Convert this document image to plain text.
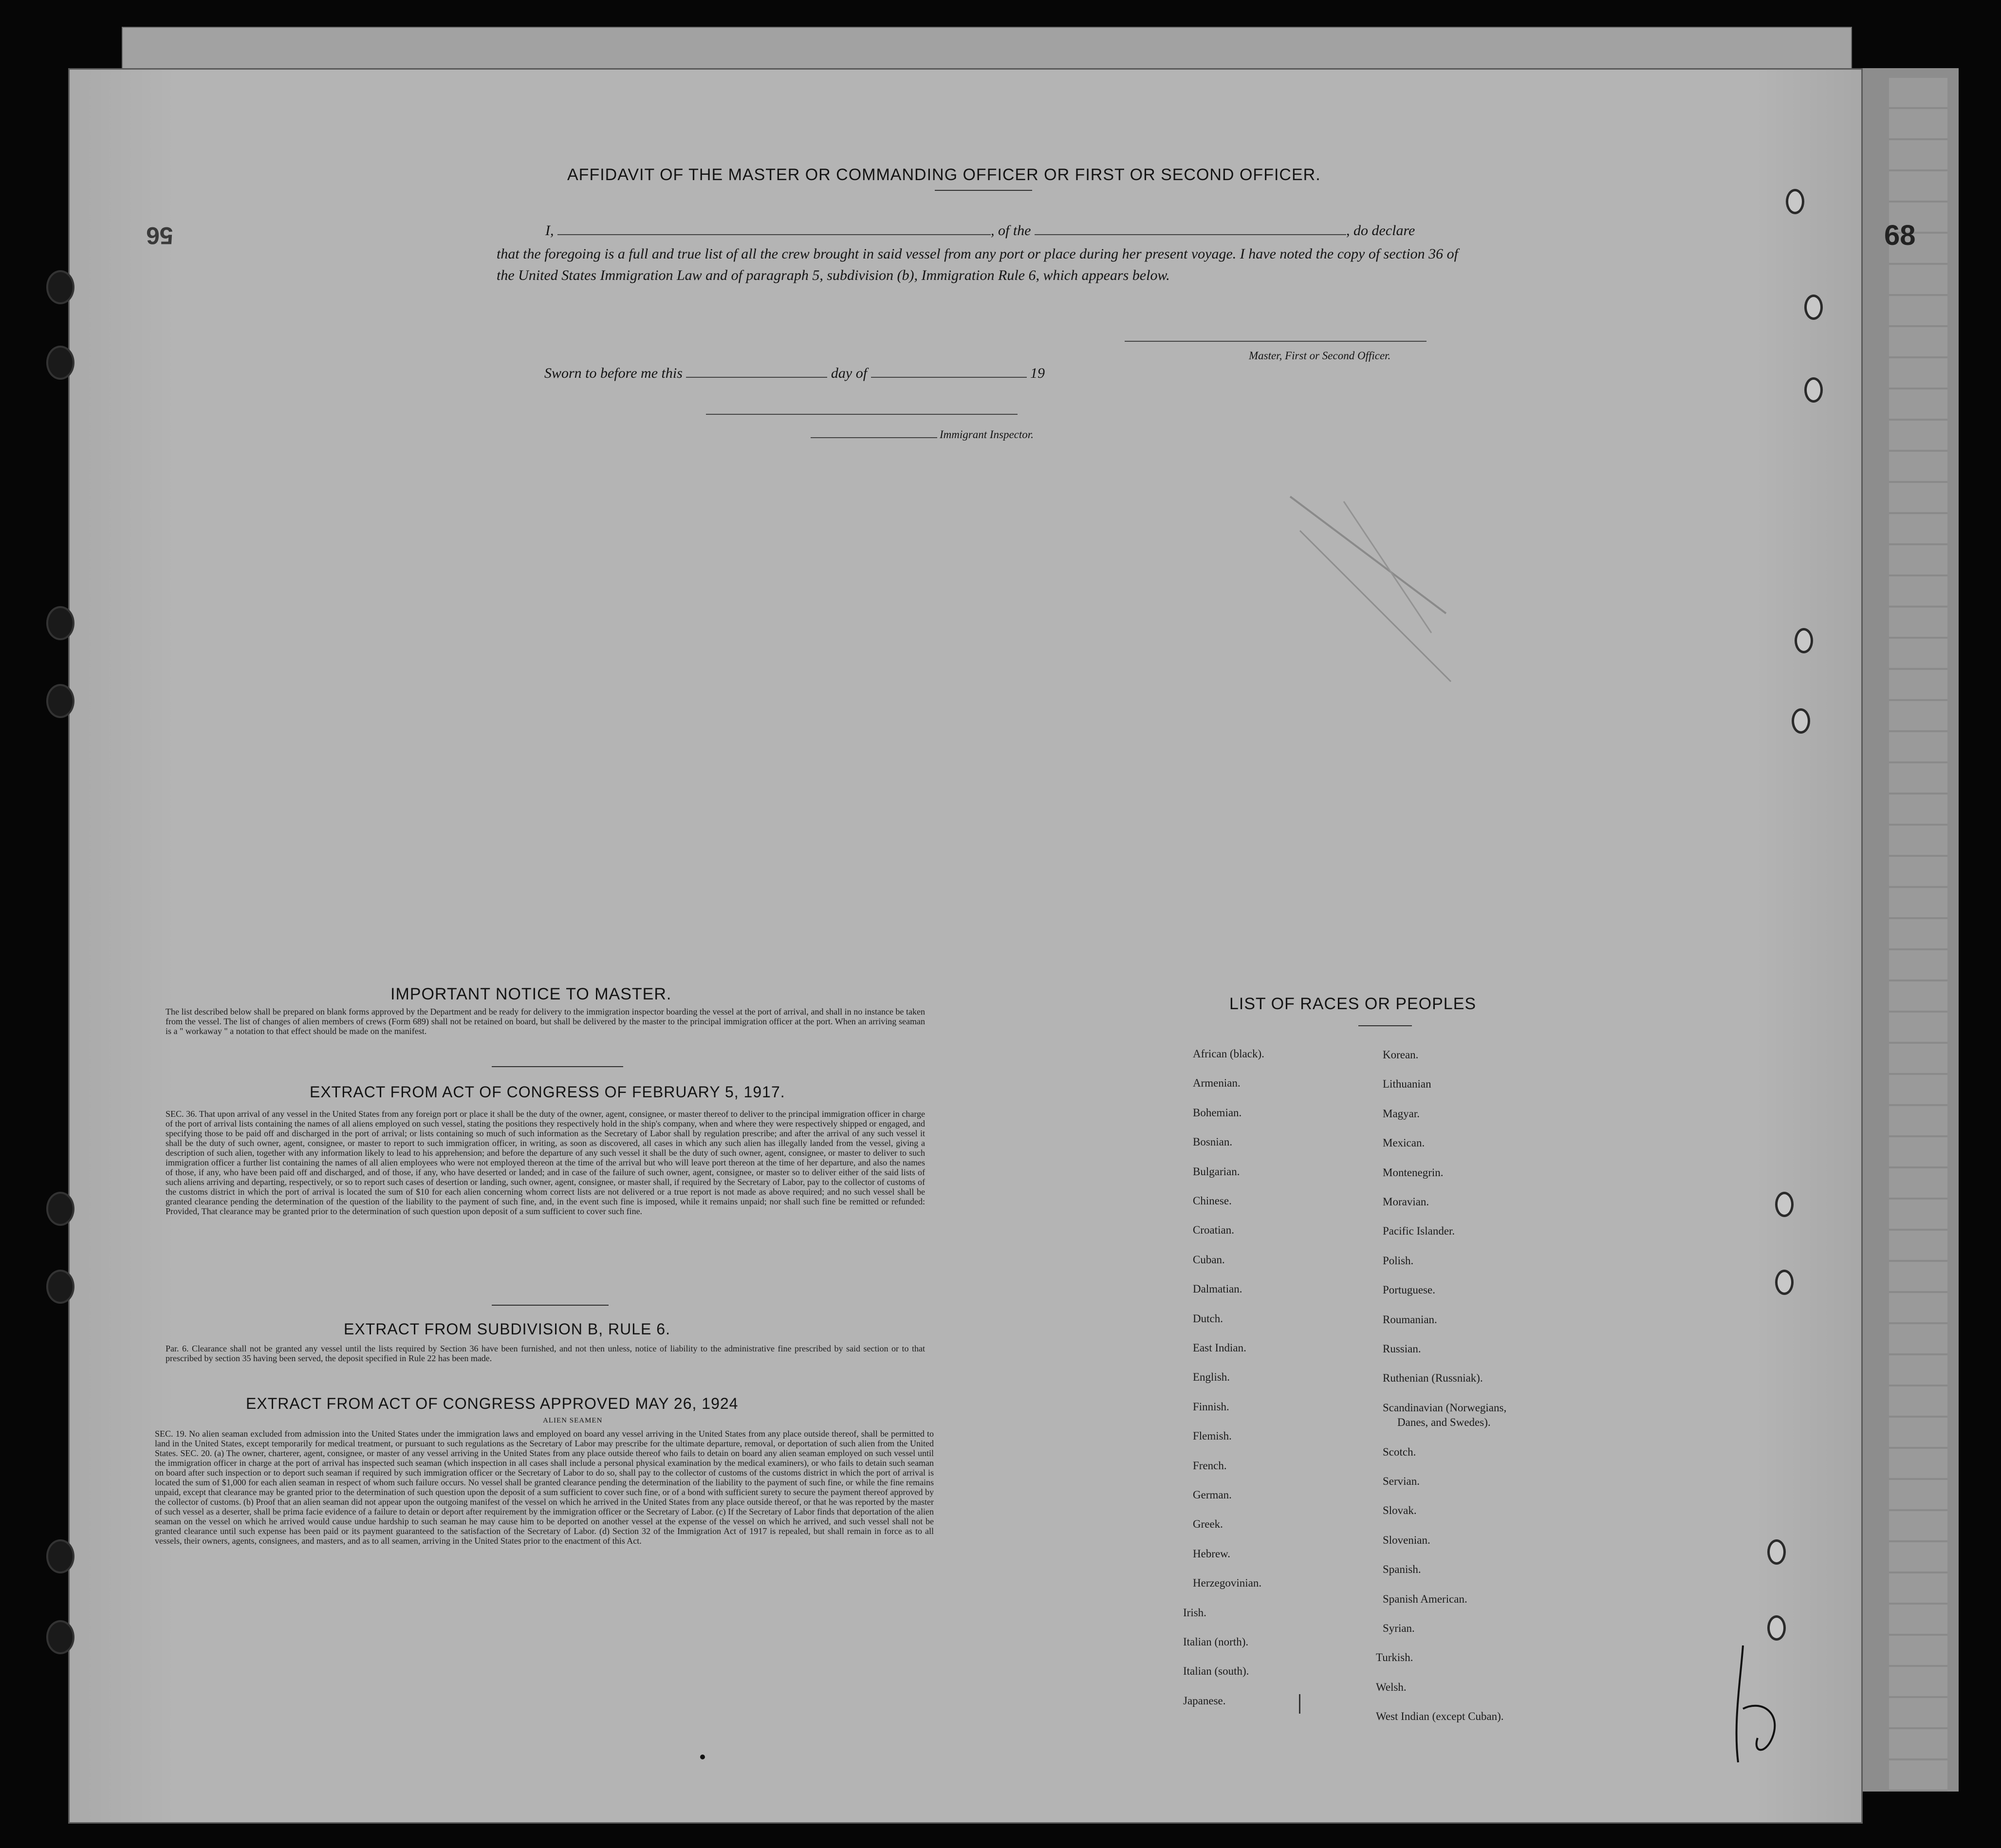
68
56
AFFIDAVIT OF THE MASTER OR COMMANDING OFFICER OR FIRST OR SECOND OFFICER.
I,	, of the	, do declare
that the foregoing is a full and true list of all the crew brought in said vessel from any port or place during her present voyage. I have noted the copy of section 36 of the United States Immigration Law and of paragraph 5, subdivision (b), Immigration Rule 6, which appears below.
Master, First or Second Officer.
Sworn to before me this	day of	19
Immigrant Inspector.
IMPORTANT NOTICE TO MASTER.
The list described below shall be prepared on blank forms approved by the Department and be ready for delivery to the immigration inspector boarding the vessel at the port of arrival, and shall in no instance be taken from the vessel. The list of changes of alien members of crews (Form 689) shall not be retained on board, but shall be delivered by the master to the principal immigration officer at the port. When an arriving seaman is a " workaway " a notation to that effect should be made on the manifest.
EXTRACT FROM ACT OF CONGRESS OF FEBRUARY 5, 1917.
SEC. 36. That upon arrival of any vessel in the United States from any foreign port or place it shall be the duty of the owner, agent, consignee, or master thereof to deliver to the principal immigration officer in charge of the port of arrival lists containing the names of all aliens employed on such vessel, stating the positions they respectively hold in the ship's company, when and where they were respectively shipped or engaged, and specifying those to be paid off and discharged in the port of arrival; or lists containing so much of such information as the Secretary of Labor shall by regulation prescribe; and after the arrival of any such vessel it shall be the duty of such owner, agent, consignee, or master to report to such immigration officer, in writing, as soon as discovered, all cases in which any such alien has illegally landed from the vessel, giving a description of such alien, together with any information likely to lead to his apprehension; and before the departure of any such vessel it shall be the duty of such owner, agent, consignee, or master to deliver to such immigration officer a further list containing the names of all alien employees who were not employed thereon at the time of the arrival but who will leave port thereon at the time of her departure, and also the names of those, if any, who have been paid off and discharged, and of those, if any, who have deserted or landed; and in case of the failure of such owner, agent, consignee, or master so to deliver either of the said lists of such aliens arriving and departing, respectively, or so to report such cases of desertion or landing, such owner, agent, consignee, or master shall, if required by the Secretary of Labor, pay to the collector of customs of the customs district in which the port of arrival is located the sum of $10 for each alien concerning whom correct lists are not delivered or a true report is not made as above required; and no such vessel shall be granted clearance pending the determination of the question of the liability to the payment of such fine, and, in the event such fine is imposed, while it remains unpaid; nor shall such fine be remitted or refunded: Provided, That clearance may be granted prior to the determination of such question upon deposit of a sum sufficient to cover such fine.
EXTRACT FROM SUBDIVISION B, RULE 6.
Par. 6. Clearance shall not be granted any vessel until the lists required by Section 36 have been furnished, and not then unless, notice of liability to the administrative fine prescribed by said section or to that prescribed by section 35 having been served, the deposit specified in Rule 22 has been made.
EXTRACT FROM ACT OF CONGRESS APPROVED MAY 26, 1924
ALIEN SEAMEN
SEC. 19. No alien seaman excluded from admission into the United States under the immigration laws and employed on board any vessel arriving in the United States from any place outside thereof, shall be permitted to land in the United States, except temporarily for medical treatment, or pursuant to such regulations as the Secretary of Labor may prescribe for the ultimate departure, removal, or deportation of such alien from the United States. SEC. 20. (a) The owner, charterer, agent, consignee, or master of any vessel arriving in the United States from any place outside thereof who fails to detain on board any alien seaman employed on such vessel until the immigration officer in charge at the port of arrival has inspected such seaman (which inspection in all cases shall include a personal physical examination by the medical examiners), or who fails to detain such seaman on board after such inspection or to deport such seaman if required by such immigration officer or the Secretary of Labor to do so, shall pay to the collector of customs of the customs district in which the port of arrival is located the sum of $1,000 for each alien seaman in respect of whom such failure occurs. No vessel shall be granted clearance pending the determination of the liability to the payment of such fine, or while the fine remains unpaid, except that clearance may be granted prior to the determination of such question upon the deposit of a sum sufficient to cover such fine, or of a bond with sufficient surety to secure the payment thereof approved by the collector of customs. (b) Proof that an alien seaman did not appear upon the outgoing manifest of the vessel on which he arrived in the United States from any place outside thereof, or that he was reported by the master of such vessel as a deserter, shall be prima facie evidence of a failure to detain or deport after requirement by the immigration officer or the Secretary of Labor. (c) If the Secretary of Labor finds that deportation of the alien seaman on the vessel on which he arrived would cause undue hardship to such seaman he may cause him to be deported on another vessel at the expense of the vessel on which he arrived, and such vessel shall not be granted clearance until such expense has been paid or its payment guaranteed to the satisfaction of the Secretary of Labor. (d) Section 32 of the Immigration Act of 1917 is repealed, but shall remain in force as to all vessels, their owners, agents, consignees, and masters, and as to all seamen, arriving in the United States prior to the enactment of this Act.
LIST OF RACES OR PEOPLES
African (black).
Armenian.
Bohemian.
Bosnian.
Bulgarian.
Chinese.
Croatian.
Cuban.
Dalmatian.
Dutch.
East Indian.
English.
Finnish.
Flemish.
French.
German.
Greek.
Hebrew.
Herzegovinian.
Irish.
Italian (north).
Italian (south).
Japanese.
Korean.
Lithuanian
Magyar.
Mexican.
Montenegrin.
Moravian.
Pacific Islander.
Polish.
Portuguese.
Roumanian.
Russian.
Ruthenian (Russniak).
Scandinavian (Norwegians,
Danes, and Swedes).
Scotch.
Servian.
Slovak.
Slovenian.
Spanish.
Spanish American.
Syrian.
Turkish.
Welsh.
West Indian (except Cuban).
